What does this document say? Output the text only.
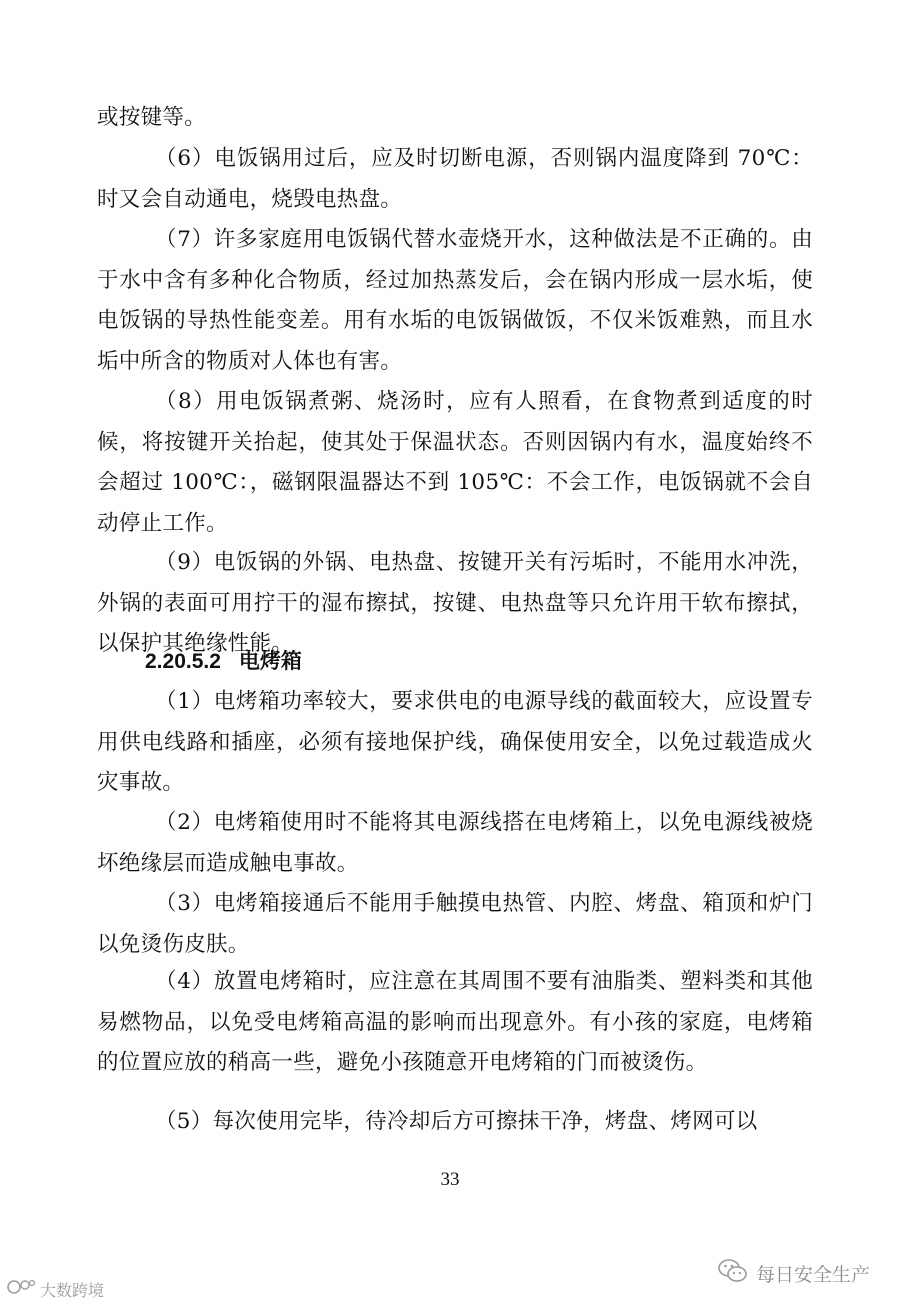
或按键等。

（6）电饭锅用过后，应及时切断电源，否则锅内温度降到 70℃：时又会自动通电，烧毁电热盘。

（7）许多家庭用电饭锅代替水壶烧开水，这种做法是不正确的。由于水中含有多种化合物质，经过加热蒸发后，会在锅内形成一层水垢，使电饭锅的导热性能变差。用有水垢的电饭锅做饭，不仅米饭难熟，而且水垢中所含的物质对人体也有害。

（8）用电饭锅煮粥、烧汤时，应有人照看，在食物煮到适度的时候，将按键开关抬起，使其处于保温状态。否则因锅内有水，温度始终不会超过 100℃：，磁钢限温器达不到 105℃：不会工作，电饭锅就不会自动停止工作。

（9）电饭锅的外锅、电热盘、按键开关有污垢时，不能用水冲洗，外锅的表面可用拧干的湿布擦拭，按键、电热盘等只允许用干软布擦拭，以保护其绝缘性能。

2.20.5.2 电烤箱

（1）电烤箱功率较大，要求供电的电源导线的截面较大，应设置专用供电线路和插座，必须有接地保护线，确保使用安全，以免过载造成火灾事故。

（2）电烤箱使用时不能将其电源线搭在电烤箱上，以免电源线被烧坏绝缘层而造成触电事故。

（3）电烤箱接通后不能用手触摸电热管、内腔、烤盘、箱顶和炉门以免烫伤皮肤。

（4）放置电烤箱时，应注意在其周围不要有油脂类、塑料类和其他易燃物品，以免受电烤箱高温的影响而出现意外。有小孩的家庭，电烤箱的位置应放的稍高一些，避免小孩随意开电烤箱的门而被烫伤。

（5）每次使用完毕，待冷却后方可擦抹干净，烤盘、烤网可以

33

每日安全生产
大数跨境
